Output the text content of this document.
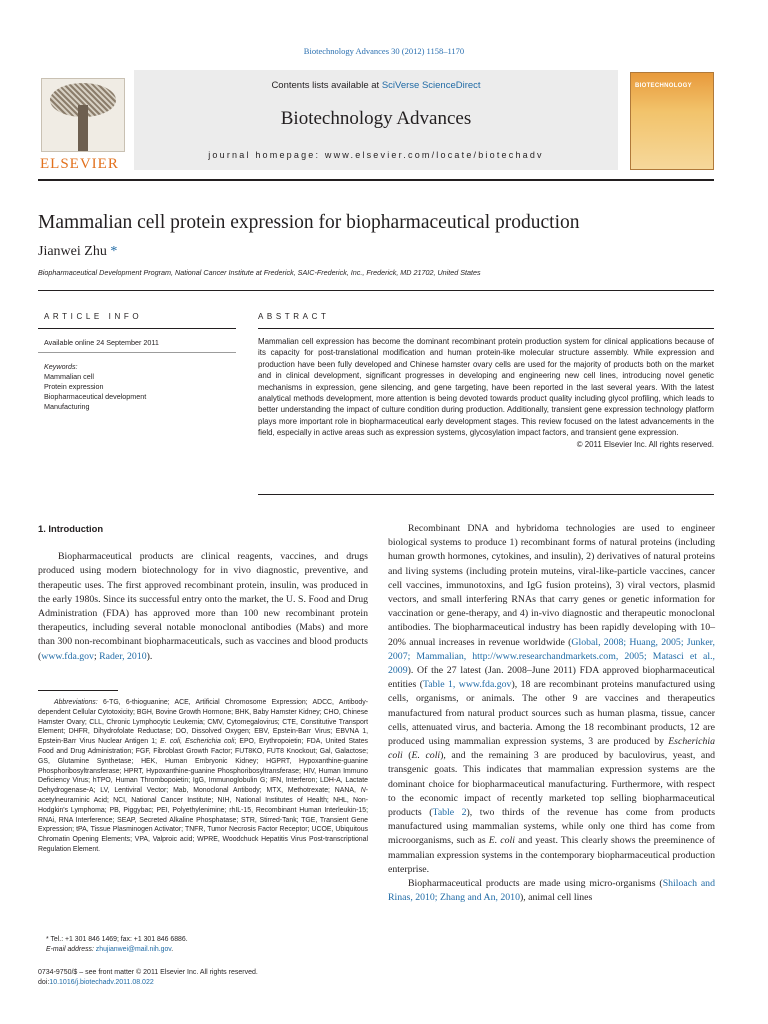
Biotechnology Advances 30 (2012) 1158–1170
ELSEVIER
Contents lists available at SciVerse ScienceDirect
Biotechnology Advances
journal homepage: www.elsevier.com/locate/biotechadv
BIOTECHNOLOGY
Mammalian cell protein expression for biopharmaceutical production
Jianwei Zhu *
Biopharmaceutical Development Program, National Cancer Institute at Frederick, SAIC-Frederick, Inc., Frederick, MD 21702, United States
ARTICLE INFO	ABSTRACT
Available online 24 September 2011
Keywords:
Mammalian cell
Protein expression
Biopharmaceutical development
Manufacturing
Mammalian cell expression has become the dominant recombinant protein production system for clinical applications because of its capacity for post-translational modification and human protein-like molecular structure assembly. While expression and production have been fully developed and Chinese hamster ovary cells are used for the majority of products both on the market and in clinical development, significant progresses in developing and engineering new cell lines, introducing novel genetic mechanisms in expression, gene silencing, and gene targeting, have been reported in the last several years. With the latest analytical methods development, more attention is being devoted towards product quality including glycol profiling, which leads to better understanding the impact of culture condition during production. Additionally, transient gene expression technology platform plays more important role in biopharmaceutical early development stages. This review focused on the latest advancements in the field, especially in active areas such as expression systems, glycosylation impact factors, and transient gene expression.
© 2011 Elsevier Inc. All rights reserved.
1. Introduction

Biopharmaceutical products are clinical reagents, vaccines, and drugs produced using modern biotechnology for in vivo diagnostic, preventive, and therapeutic uses. The first approved recombinant protein, insulin, was produced in the early 1980s. Since its successful entry onto the market, the U. S. Food and Drug Administration (FDA) has approved more than 100 new recombinant protein therapeutics, including several notable monoclonal antibodies (Mabs) and more than 300 non-recombinant biopharmaceuticals, such as vaccines and blood products (www.fda.gov; Rader, 2010).

Abbreviations: 6-TG, 6-thioguanine; ACE, Artificial Chromosome Expression; ADCC, Antibody-dependent Cellular Cytotoxicity; BGH, Bovine Growth Hormone; BHK, Baby Hamster Kidney; CHO, Chinese Hamster Ovary; CLL, Chronic Lymphocytic Leukemia; CMV, Cytomegalovirus; CTE, Constitutive Transport Element; DHFR, Dihydrofolate Reductase; DO, Dissolved Oxygen; EBV, Epstein-Barr Virus; EBVNA 1, Epstein-Barr Virus Nuclear Antigen 1; E. coli, Escherichia coli; EPO, Erythropoietin; FDA, United States Food and Drug Administration; FGF, Fibroblast Growth Factor; FUT8KO, FUT8 Knockout; Gal, Galactose; GS, Glutamine Synthetase; HEK, Human Embryonic Kidney; HGPRT, Hypoxanthine-guanine Phosphoribosyltransferase; HPRT, Hypoxanthine-guanine Phosphoribosyltransferase; HIV, Human Immuno Deficiency Virus; hTPO, Human Thrombopoietin; IgG, Immunoglobulin G; IFN, Interferon; LDH-A, Lactate Dehydrogenase-A; LV, Lentiviral Vector; Mab, Monoclonal Antibody; MTX, Methotrexate; NANA, N-acetylneuraminic Acid; NCI, National Cancer Institute; NIH, National Institutes of Health; NHL, Non-Hodgkin's Lymphoma; PB, Piggybac; PEI, Polyethylenimine; rhIL-15, Recombinant Human Interleukin-15; RNAi, RNA Interference; SEAP, Secreted Alkaline Phosphatase; STR, Stirred-Tank; TGE, Transient Gene Expression; tPA, Tissue Plasminogen Activator; TNFR, Tumor Necrosis Factor Receptor; UCOE, Ubiquitous Chromatin Opening Elements; VPA, Valproic acid; WPRE, Woodchuck Hepatitis Virus Post-transcriptional Regulation Element.
* Tel.: +1 301 846 1469; fax: +1 301 846 6886.
E-mail address: zhujianwei@mail.nih.gov.
0734-9750/$ – see front matter © 2011 Elsevier Inc. All rights reserved.
doi:10.1016/j.biotechadv.2011.08.022

Recombinant DNA and hybridoma technologies are used to engineer biological systems to produce 1) recombinant forms of natural proteins (including human growth hormones, cytokines, and insulin), 2) derivatives of natural proteins and living systems (including protein muteins, viral-like-particle vaccines, cancer cell vaccines, immunotoxins, and IgG fusion proteins), 3) viral vectors, plasmid vectors, and small interfering RNAs that carry genes or genetic information for vaccination or gene-therapy, and 4) in-vivo diagnostic and therapeutic monoclonal antibodies. The biopharmaceutical industry has been rapidly developing with 10–20% annual increases in revenue worldwide (Global, 2008; Huang, 2005; Junker, 2007; Mammalian, http://www.researchandmarkets.com, 2005; Matasci et al., 2009). Of the 27 latest (Jan. 2008–June 2011) FDA approved biopharmaceutical entities (Table 1, www.fda.gov), 18 are recombinant proteins manufactured using cells, organisms, or animals. The other 9 are vaccines and therapeutics manufactured from natural product sources such as human plasma, tissue, cancer cells, attenuated virus, and bacteria. Among the 18 recombinant products, 12 are produced using mammalian expression systems, 3 are produced by Escherichia coli (E. coli), and the remaining 3 are produced by baculovirus, yeast, and transgenic goats. This indicates that mammalian expression systems are the dominant choice for biopharmaceutical manufacturing. Furthermore, with respect to the economic impact of recently marketed top selling biopharmaceutical products (Table 2), two thirds of the revenue has come from products manufactured using mammalian systems, while only one third has come from microorganisms, such as E. coli and yeast. This clearly shows the preeminence of mammalian expression systems in the contemporary biopharmaceutical production enterprise.

Biopharmaceutical products are made using micro-organisms (Shiloach and Rinas, 2010; Zhang and An, 2010), animal cell lines
